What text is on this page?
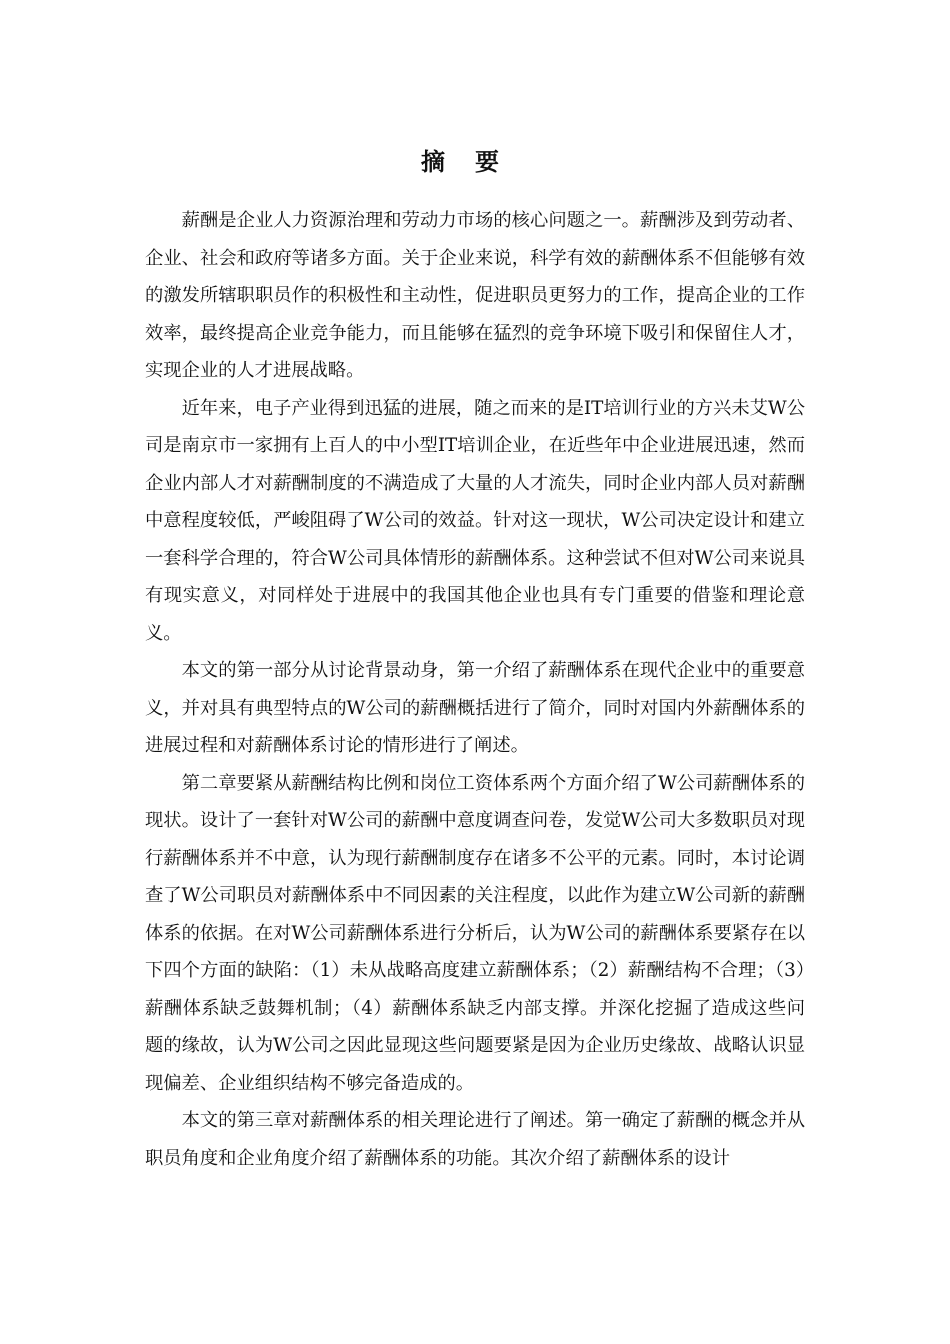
摘要

薪酬是企业人力资源治理和劳动力市场的核心问题之一。薪酬涉及到劳动者、企业、社会和政府等诸多方面。关于企业来说，科学有效的薪酬体系不但能够有效的激发所辖职职员作的积极性和主动性，促进职员更努力的工作，提高企业的工作效率，最终提高企业竞争能力，而且能够在猛烈的竞争环境下吸引和保留住人才，实现企业的人才进展战略。

近年来，电子产业得到迅猛的进展，随之而来的是IT培训行业的方兴未艾W公司是南京市一家拥有上百人的中小型IT培训企业，在近些年中企业进展迅速，然而企业内部人才对薪酬制度的不满造成了大量的人才流失，同时企业内部人员对薪酬中意程度较低，严峻阻碍了W公司的效益。针对这一现状，W公司决定设计和建立一套科学合理的，符合W公司具体情形的薪酬体系。这种尝试不但对W公司来说具有现实意义，对同样处于进展中的我国其他企业也具有专门重要的借鉴和理论意义。

本文的第一部分从讨论背景动身，第一介绍了薪酬体系在现代企业中的重要意义，并对具有典型特点的W公司的薪酬概括进行了简介，同时对国内外薪酬体系的进展过程和对薪酬体系讨论的情形进行了阐述。

第二章要紧从薪酬结构比例和岗位工资体系两个方面介绍了W公司薪酬体系的现状。设计了一套针对W公司的薪酬中意度调查问卷，发觉W公司大多数职员对现行薪酬体系并不中意，认为现行薪酬制度存在诸多不公平的元素。同时，本讨论调查了W公司职员对薪酬体系中不同因素的关注程度，以此作为建立W公司新的薪酬体系的依据。在对W公司薪酬体系进行分析后，认为W公司的薪酬体系要紧存在以下四个方面的缺陷：（1）未从战略高度建立薪酬体系；（2）薪酬结构不合理；（3）薪酬体系缺乏鼓舞机制；（4）薪酬体系缺乏内部支撑。并深化挖掘了造成这些问题的缘故，认为W公司之因此显现这些问题要紧是因为企业历史缘故、战略认识显现偏差、企业组织结构不够完备造成的。

本文的第三章对薪酬体系的相关理论进行了阐述。第一确定了薪酬的概念并从职员角度和企业角度介绍了薪酬体系的功能。其次介绍了薪酬体系的设计
